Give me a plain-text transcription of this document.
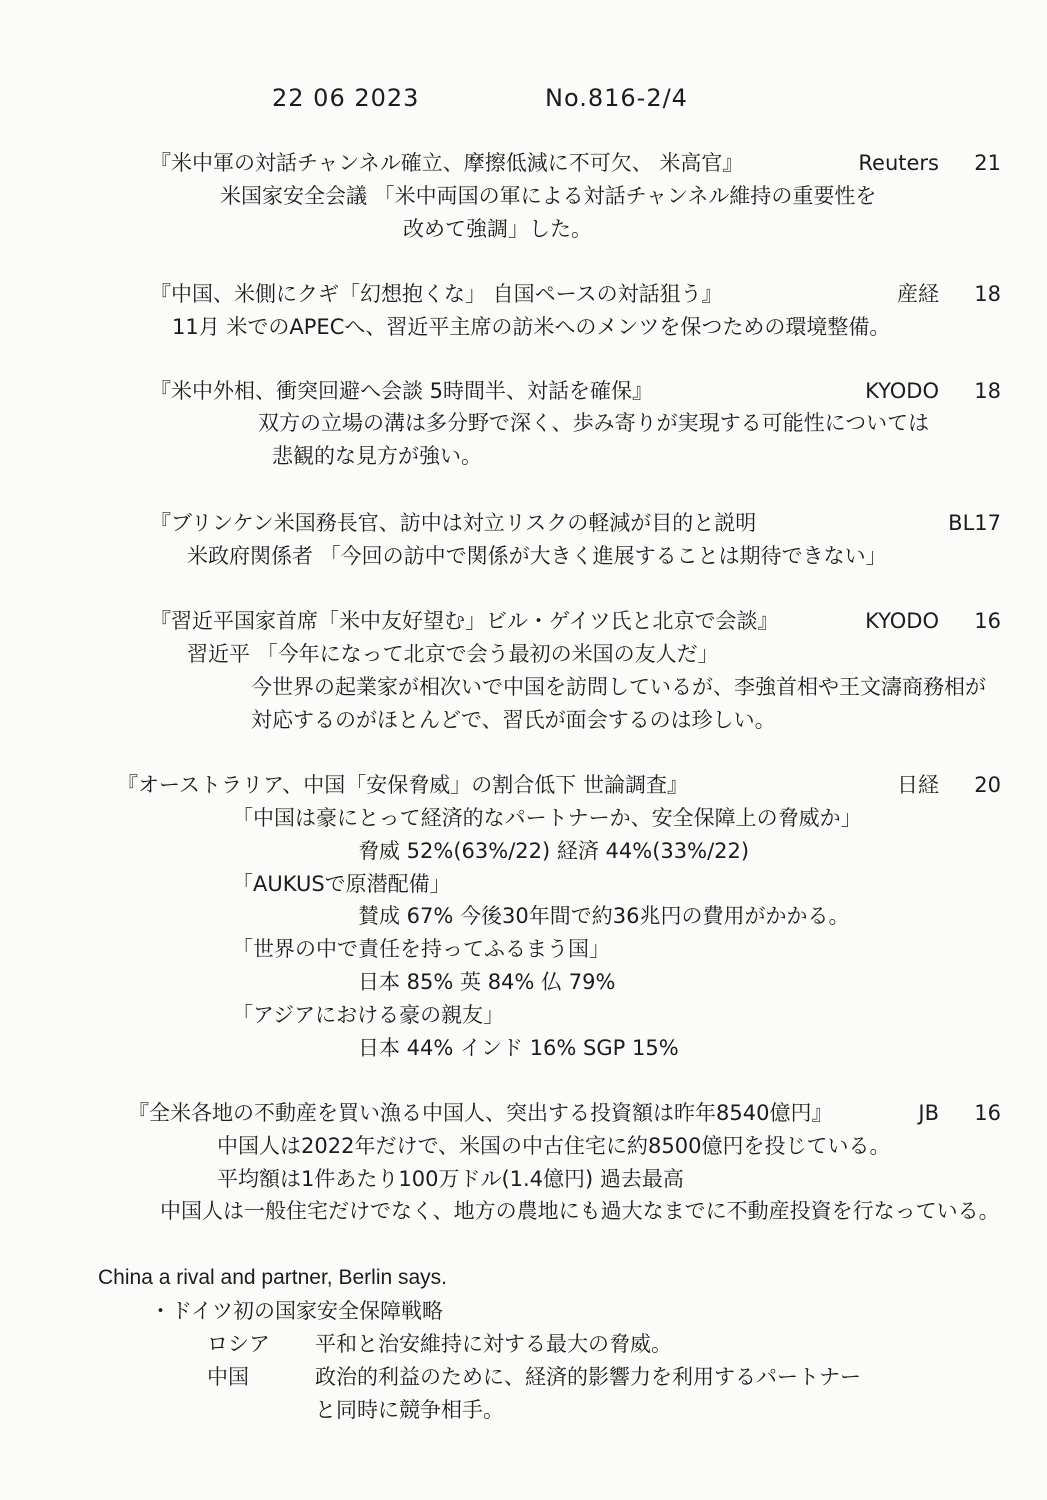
22 06 2023	No.816-2/4
『米中軍の対話チャンネル確立、摩擦低減に不可欠、 米高官』	Reuters 21
米国家安全会議 「米中両国の軍による対話チャンネル維持の重要性を
改めて強調」した。
『中国、米側にクギ「幻想抱くな」 自国ペースの対話狙う』	産経 18
11月 米でのAPECへ、習近平主席の訪米へのメンツを保つための環境整備。
『米中外相、衝突回避へ会談 5時間半、対話を確保』	KYODO 18
双方の立場の溝は多分野で深く、歩み寄りが実現する可能性については
悲観的な見方が強い。
『ブリンケン米国務長官、訪中は対立リスクの軽減が目的と説明	BL17
米政府関係者 「今回の訪中で関係が大きく進展することは期待できない」
『習近平国家首席「米中友好望む」ビル・ゲイツ氏と北京で会談』	KYODO 16
習近平 「今年になって北京で会う最初の米国の友人だ」
今世界の起業家が相次いで中国を訪問しているが、李強首相や王文濤商務相が
対応するのがほとんどで、習氏が面会するのは珍しい。
『オーストラリア、中国「安保脅威」の割合低下 世論調査』	日経 20
「中国は豪にとって経済的なパートナーか、安全保障上の脅威か」
脅威 52%(63%/22) 経済 44%(33%/22)
「AUKUSで原潜配備」
賛成 67% 今後30年間で約36兆円の費用がかかる。
「世界の中で責任を持ってふるまう国」
日本 85% 英 84% 仏 79%
「アジアにおける豪の親友」
日本 44% インド 16% SGP 15%
『全米各地の不動産を買い漁る中国人、突出する投資額は昨年8540億円』	JB 16
中国人は2022年だけで、米国の中古住宅に約8500億円を投じている。
平均額は1件あたり100万ドル(1.4億円) 過去最高
中国人は一般住宅だけでなく、地方の農地にも過大なまでに不動産投資を行なっている。
China a rival and partner, Berlin says.
・ドイツ初の国家安全保障戦略
ロシア 平和と治安維持に対する最大の脅威。
中国	政治的利益のために、経済的影響力を利用するパートナー
と同時に競争相手。
